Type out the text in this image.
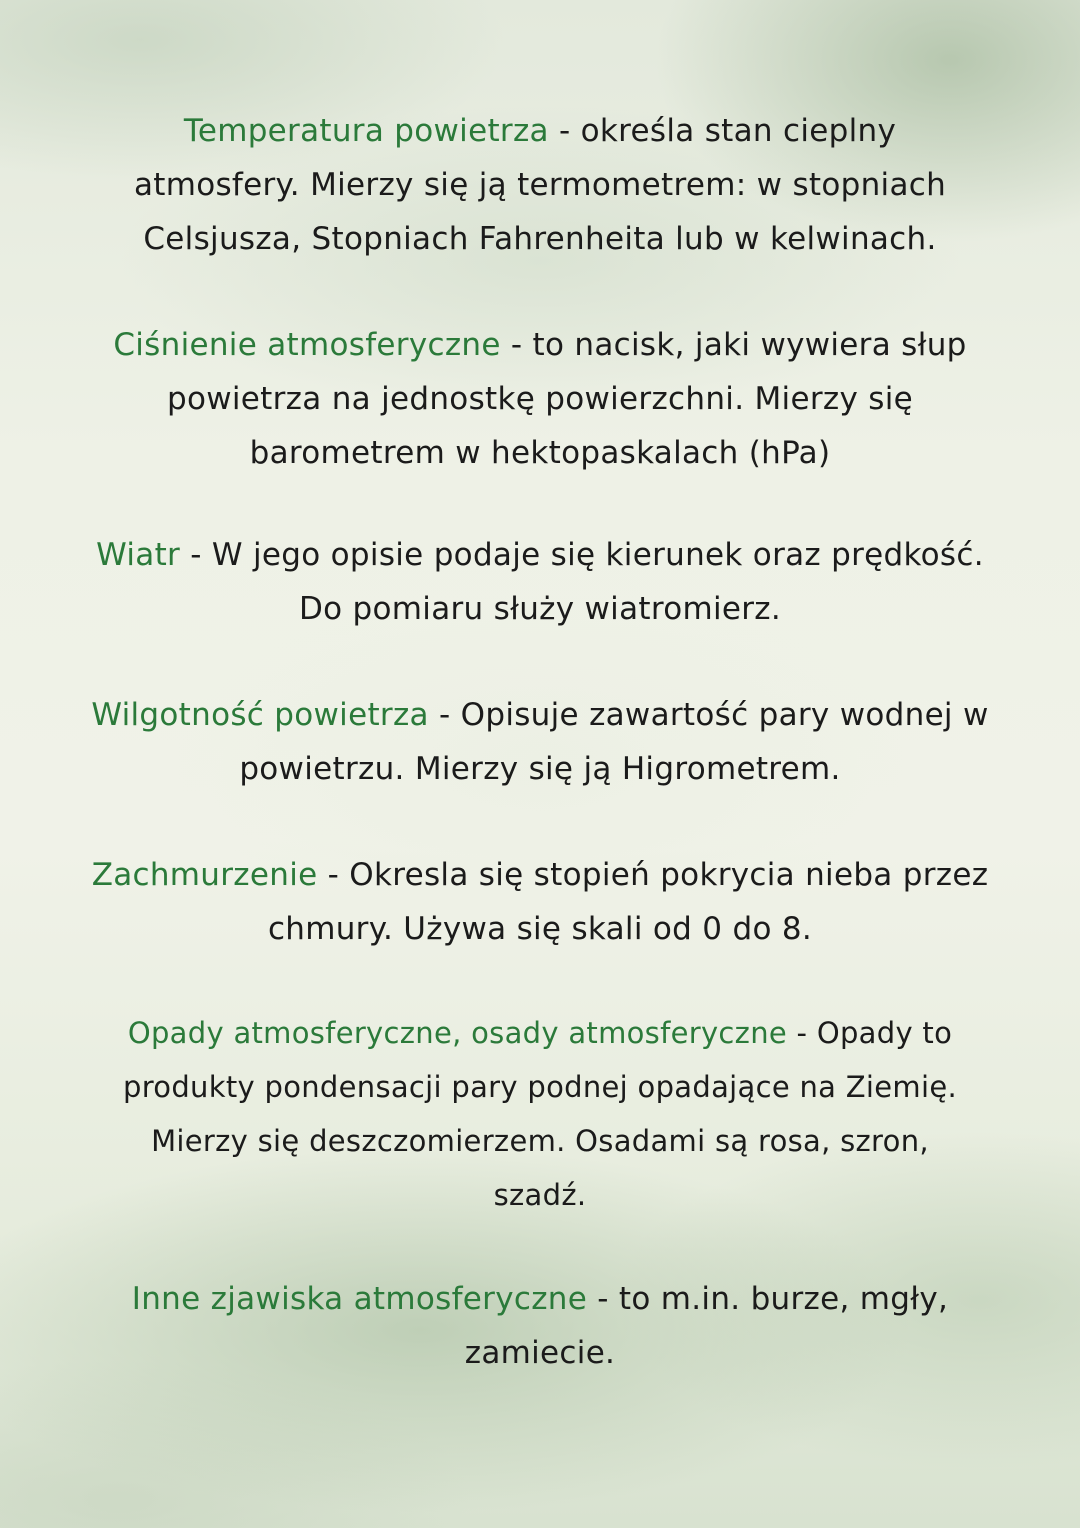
Temperatura powietrza - określa stan cieplny
atmosfery. Mierzy się ją termometrem: w stopniach
Celsjusza, Stopniach Fahrenheita lub w kelwinach.
Ciśnienie atmosferyczne - to nacisk, jaki wywiera słup
powietrza na jednostkę powierzchni. Mierzy się
barometrem w hektopaskalach (hPa)
Wiatr - W jego opisie podaje się kierunek oraz prędkość.
Do pomiaru służy wiatromierz.
Wilgotność powietrza - Opisuje zawartość pary wodnej w
powietrzu. Mierzy się ją Higrometrem.
Zachmurzenie - Okresla się stopień pokrycia nieba przez
chmury. Używa się skali od 0 do 8.
Opady atmosferyczne, osady atmosferyczne - Opady to
produkty pondensacji pary podnej opadające na Ziemię.
Mierzy się deszczomierzem. Osadami są rosa, szron,
szadź.
Inne zjawiska atmosferyczne - to m.in. burze, mgły,
zamiecie.
